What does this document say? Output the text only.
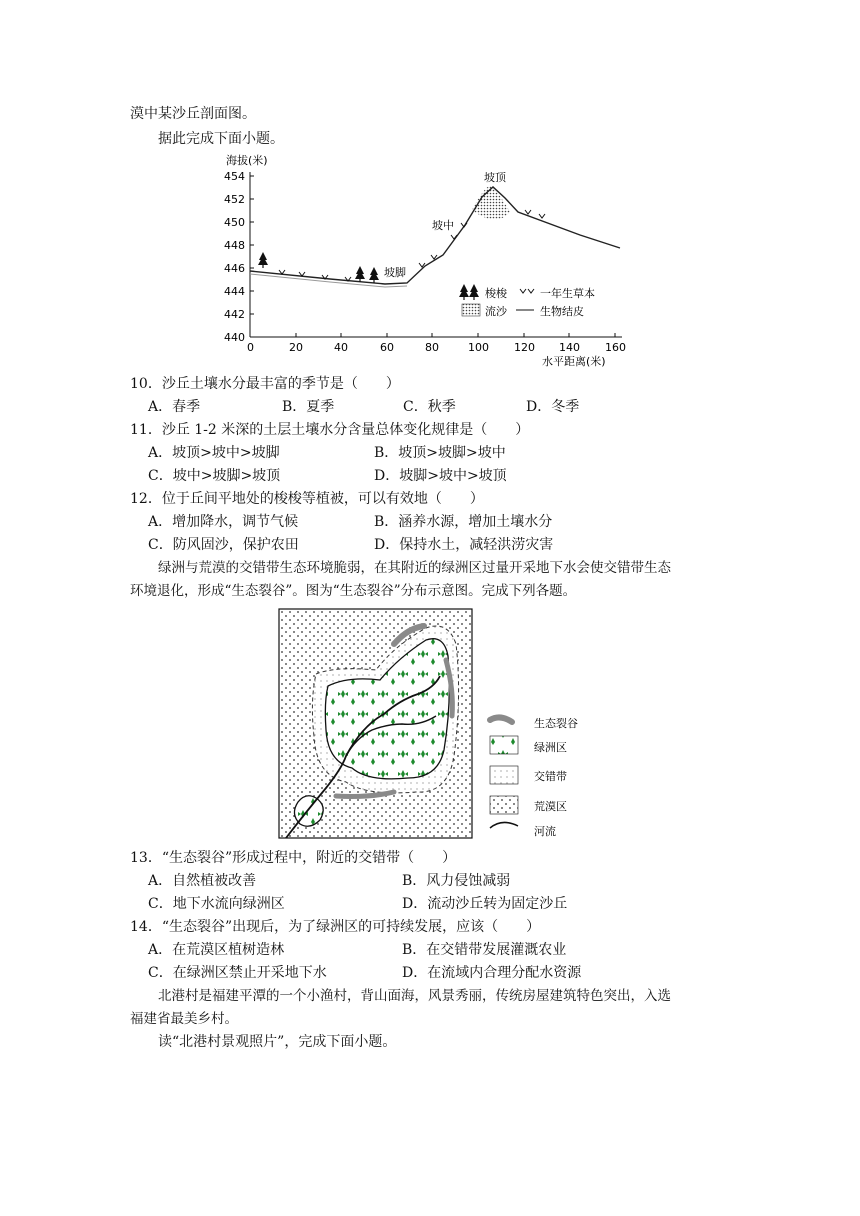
漠中某沙丘剖面图。
据此完成下面小题。
海拔(米)
454
452
450
448
446
444
442
440
0	20	40	60	80	100 120 140 160
水平距离(米)
坡顶
坡中
坡脚
梭梭	一年生草本
流沙	生物结皮
10．沙丘土壤水分最丰富的季节是（　　）
A．春季	B．夏季	C．秋季	D．冬季
11．沙丘 1-2 米深的土层土壤水分含量总体变化规律是（　　）
A．坡顶>坡中>坡脚	B．坡顶>坡脚>坡中
C．坡中>坡脚>坡顶	D．坡脚>坡中>坡顶
12．位于丘间平地处的梭梭等植被，可以有效地（　　）
A．增加降水，调节气候	B．涵养水源，增加土壤水分
C．防风固沙，保护农田	D．保持水土，减轻洪涝灾害
绿洲与荒漠的交错带生态环境脆弱，在其附近的绿洲区过量开采地下水会使交错带生态
环境退化，形成“生态裂谷”。图为“生态裂谷”分布示意图。完成下列各题。
生态裂谷
绿洲区
交错带
荒漠区
河流
13．“生态裂谷”形成过程中，附近的交错带（　　）
A．自然植被改善	B．风力侵蚀减弱
C．地下水流向绿洲区	D．流动沙丘转为固定沙丘
14．“生态裂谷”出现后，为了绿洲区的可持续发展，应该（　　）
A．在荒漠区植树造林	B．在交错带发展灌溉农业
C．在绿洲区禁止开采地下水	D．在流域内合理分配水资源
北港村是福建平潭的一个小渔村，背山面海，风景秀丽，传统房屋建筑特色突出，入选
福建省最美乡村。
读“北港村景观照片”，完成下面小题。
